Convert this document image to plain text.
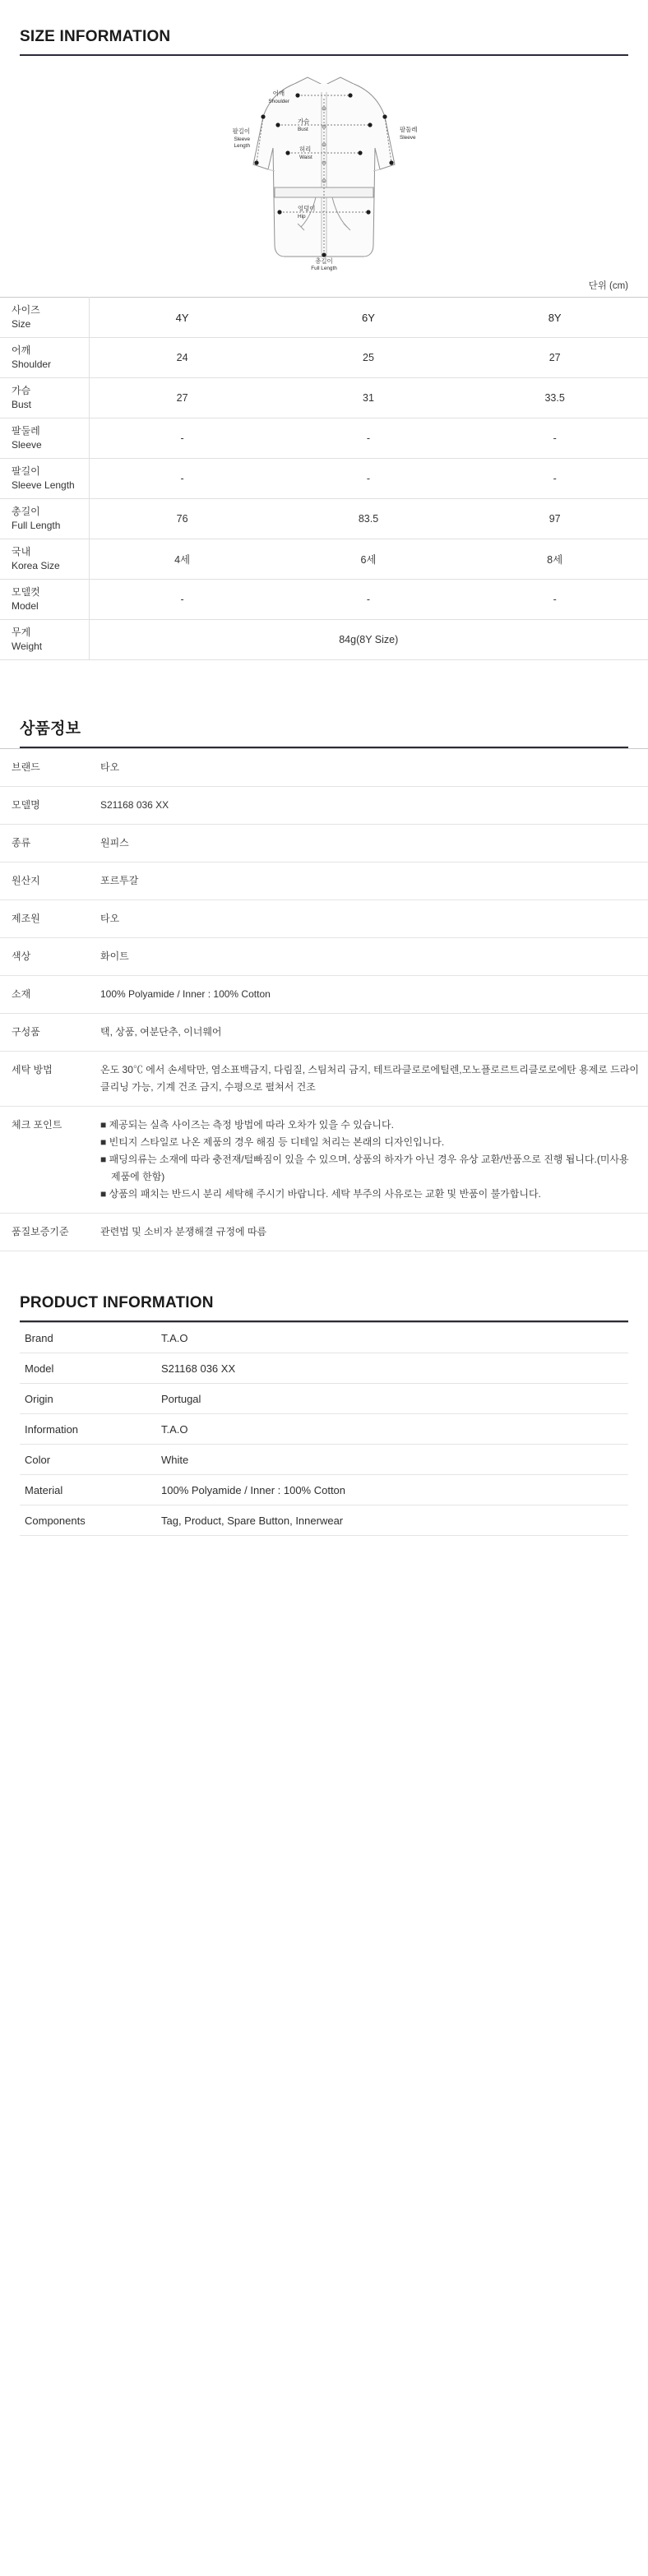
SIZE INFORMATION
어깨
Shoulder
가슴
Bust
허리
Waist
팔길이
Sleeve
Length
팔둘레
Sleeve
엉덩이
Hip
총길이
Full Length
단위 (cm)
사이즈
Size	4Y	6Y	8Y

어깨
Shoulder	24	25	27

가슴
Bust	27	31	33.5

팔둘레
Sleeve	-	-	-

팔길이
Sleeve Length	-	-	-

총길이
Full Length	76	83.5	97

국내
Korea Size	4세	6세	8세

모델컷
Model	-	-	-

무게
Weight	84g(8Y Size)		
상품정보
브랜드	타오
모델명	S21168 036 XX
종류	원피스
원산지	포르투갈
제조원	타오
색상	화이트
소재	100% Polyamide / Inner : 100% Cotton
구성품	택, 상품, 여분단추, 이너웨어
세탁 방법	온도 30℃ 에서 손세탁만, 염소표백금지, 다림질, 스팀처리 금지, 테트라클로로에틸렌,모노플로르트리클로로에탄 용제로 드라이클리닝 가능, 기계 건조 금지, 수평으로 펼쳐서 건조
체크 포인트	■ 제공되는 실측 사이즈는 측정 방법에 따라 오차가 있을 수 있습니다.
■ 빈티지 스타일로 나온 제품의 경우 해짐 등 디테일 처리는 본래의 디자인입니다.
■ 패딩의류는 소재에 따라 충전재/털빠짐이 있을 수 있으며, 상품의 하자가 아닌 경우 유상 교환/반품으로 진행 됩니다.(미사용 제품에 한함)
■ 상품의 패치는 반드시 분리 세탁해 주시기 바랍니다. 세탁 부주의 사유로는 교환 및 반품이 불가합니다.

품질보증기준	관련법 및 소비자 분쟁해결 규정에 따름
PRODUCT INFORMATION
Brand	T.A.O
Model	S21168 036 XX
Origin	Portugal
Information	T.A.O
Color	White
Material	100% Polyamide / Inner : 100% Cotton
Components	Tag, Product, Spare Button, Innerwear
